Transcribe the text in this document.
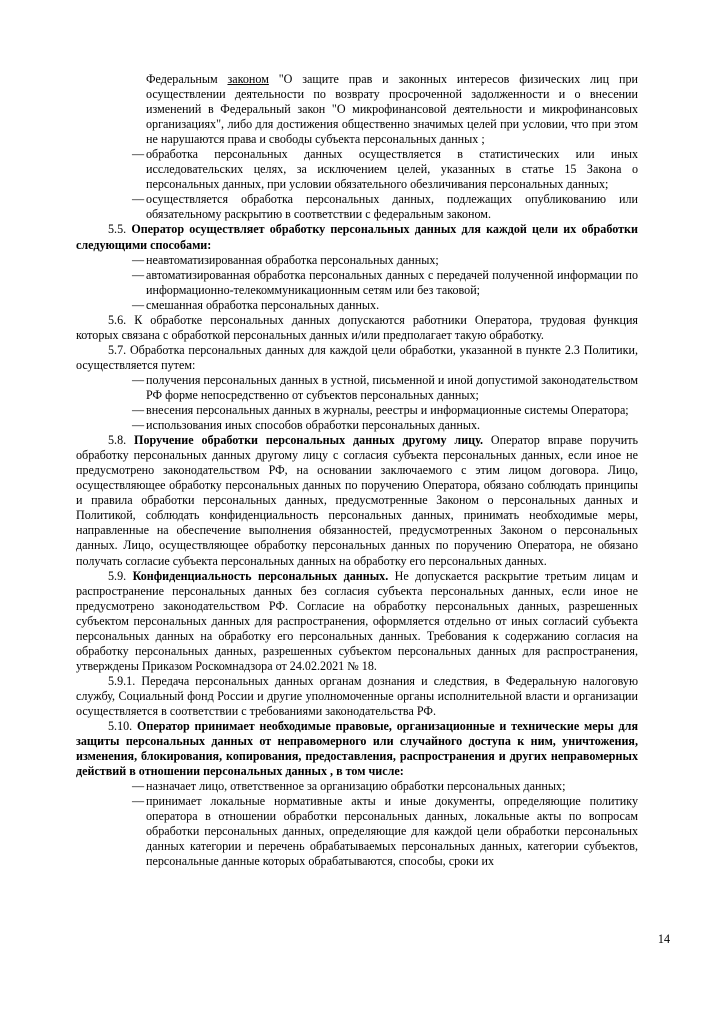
Федеральным законом "О защите прав и законных интересов физических лиц при осуществлении деятельности по возврату просроченной задолженности и о внесении изменений в Федеральный закон "О микрофинансовой деятельности и микрофинансовых организациях", либо для достижения общественно значимых целей при условии, что при этом не нарушаются права и свободы субъекта персональных данных ;

— обработка персональных данных осуществляется в статистических или иных исследовательских целях, за исключением целей, указанных в статье 15 Закона о персональных данных, при условии обязательного обезличивания персональных данных;
— осуществляется обработка персональных данных, подлежащих опубликованию или обязательному раскрытию в соответствии с федеральным законом.

5.5. Оператор осуществляет обработку персональных данных для каждой цели их обработки следующими способами:

— неавтоматизированная обработка персональных данных;
— автоматизированная обработка персональных данных с передачей полученной информации по информационно-телекоммуникационным сетям или без таковой;
— смешанная обработка персональных данных.

5.6. К обработке персональных данных допускаются работники Оператора, трудовая функция которых связана с обработкой персональных данных и/или предполагает такую обработку.

5.7. Обработка персональных данных для каждой цели обработки, указанной в пункте 2.3 Политики, осуществляется путем:

— получения персональных данных в устной, письменной и иной допустимой законодательством РФ форме непосредственно от субъектов персональных данных;
— внесения персональных данных в журналы, реестры и информационные системы Оператора;
— использования иных способов обработки персональных данных.

5.8. Поручение обработки персональных данных другому лицу. Оператор вправе поручить обработку персональных данных другому лицу с согласия субъекта персональных данных, если иное не предусмотрено законодательством РФ, на основании заключаемого с этим лицом договора. Лицо, осуществляющее обработку персональных данных по поручению Оператора, обязано соблюдать принципы и правила обработки персональных данных, предусмотренные Законом о персональных данных и Политикой, соблюдать конфиденциальность персональных данных, принимать необходимые меры, направленные на обеспечение выполнения обязанностей, предусмотренных Законом о персональных данных. Лицо, осуществляющее обработку персональных данных по поручению Оператора, не обязано получать согласие субъекта персональных данных на обработку его персональных данных.

5.9. Конфиденциальность персональных данных. Не допускается раскрытие третьим лицам и распространение персональных данных без согласия субъекта персональных данных, если иное не предусмотрено законодательством РФ. Согласие на обработку персональных данных, разрешенных субъектом персональных данных для распространения, оформляется отдельно от иных согласий субъекта персональных данных на обработку его персональных данных. Требования к содержанию согласия на обработку персональных данных, разрешенных субъектом персональных данных для распространения, утверждены Приказом Роскомнадзора от 24.02.2021 № 18.

5.9.1. Передача персональных данных органам дознания и следствия, в Федеральную налоговую службу, Социальный фонд России и другие уполномоченные органы исполнительной власти и организации осуществляется в соответствии с требованиями законодательства РФ.

5.10. Оператор принимает необходимые правовые, организационные и технические меры для защиты персональных данных от неправомерного или случайного доступа к ним, уничтожения, изменения, блокирования, копирования, предоставления, распространения и других неправомерных действий в отношении персональных данных , в том числе:

— назначает лицо, ответственное за организацию обработки персональных данных;
— принимает локальные нормативные акты и иные документы, определяющие политику оператора в отношении обработки персональных данных, локальные акты по вопросам обработки персональных данных, определяющие для каждой цели обработки персональных данных категории и перечень обрабатываемых персональных данных, категории субъектов, персональные данные которых обрабатываются, способы, сроки их
14
